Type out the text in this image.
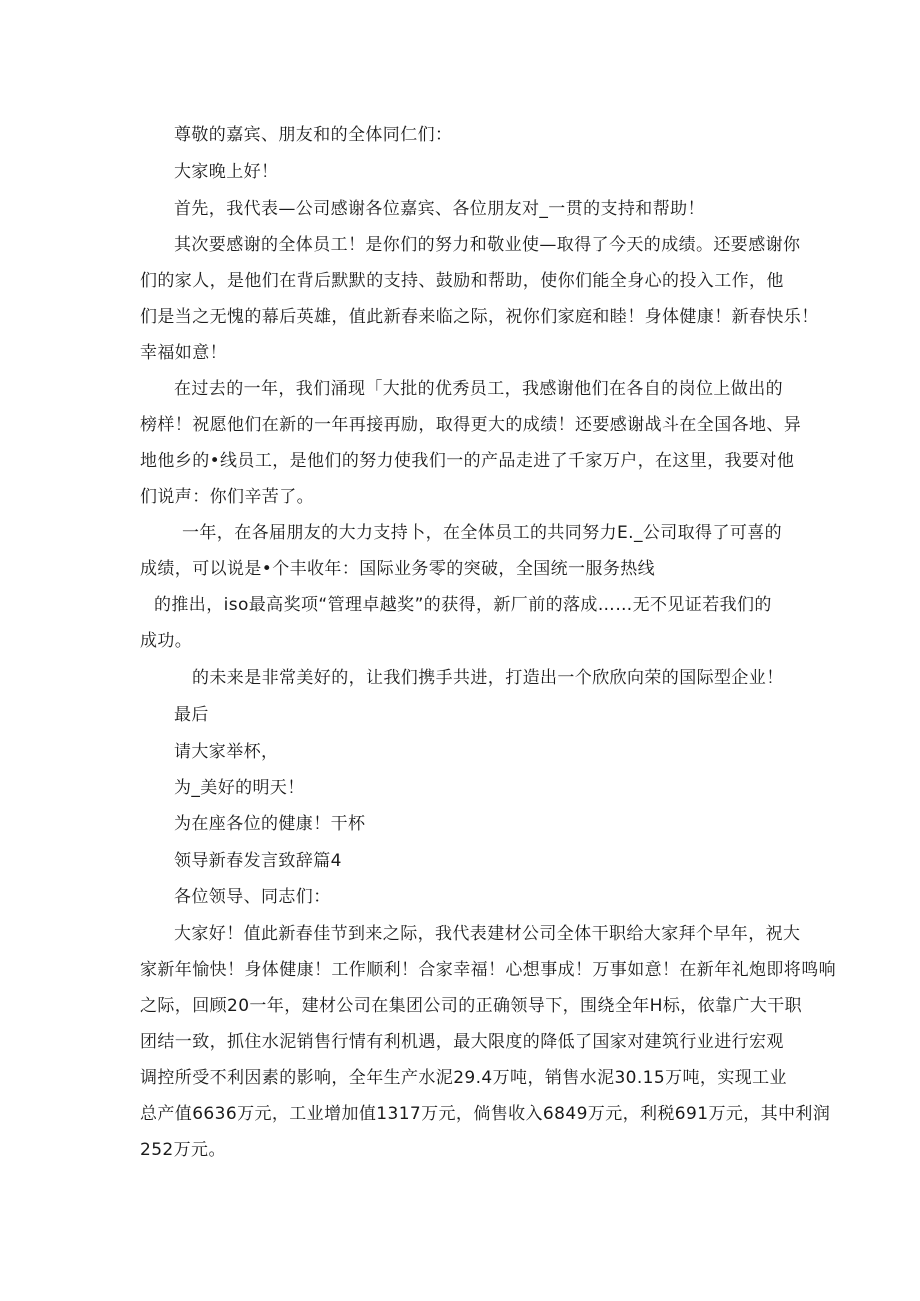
尊敬的嘉宾、朋友和的全体同仁们：
大家晚上好！
首先，我代表—公司感谢各位嘉宾、各位朋友对_一贯的支持和帮助！
其次要感谢的全体员工！是你们的努力和敬业使—取得了今天的成绩。还要感谢你
们的家人，是他们在背后默默的支持、鼓励和帮助，使你们能全身心的投入工作，他
们是当之无愧的幕后英雄，值此新春来临之际，祝你们家庭和睦！身体健康！新春快乐！
幸福如意！
在过去的一年，我们涌现「大批的优秀员工，我感谢他们在各自的岗位上做出的
榜样！祝愿他们在新的一年再接再励，取得更大的成绩！还要感谢战斗在全国各地、异
地他乡的•线员工，是他们的努力使我们一的产品走进了千家万户，在这里，我要对他
们说声：你们辛苦了。
一年，在各届朋友的大力支持卜，在全体员工的共同努力E._公司取得了可喜的
成绩，可以说是•个丰收年：国际业务零的突破，全国统一服务热线
的推出，iso最高奖项“管理卓越奖”的获得，新厂前的落成……无不见证若我们的
成功。
的未来是非常美好的，让我们携手共进，打造出一个欣欣向荣的国际型企业！
最后
请大家举杯，
为_美好的明天！
为在座各位的健康！干杯
领导新春发言致辞篇4
各位领导、同志们：
大家好！值此新春佳节到来之际，我代表建材公司全体干职给大家拜个早年，祝大
家新年愉快！身体健康！工作顺利！合家幸福！心想事成！万事如意！在新年礼炮即将鸣响
之际，回顾20一年，建材公司在集团公司的正确领导下，围绕全年H标，依靠广大干职
团结一致，抓住水泥销售行情有利机遇，最大限度的降低了国家对建筑行业进行宏观
调控所受不利因素的影响，全年生产水泥29.4万吨，销售水泥30.15万吨，实现工业
总产值6636万元，工业增加值1317万元，倘售收入6849万元，利税691万元，其中利润
252万元。
